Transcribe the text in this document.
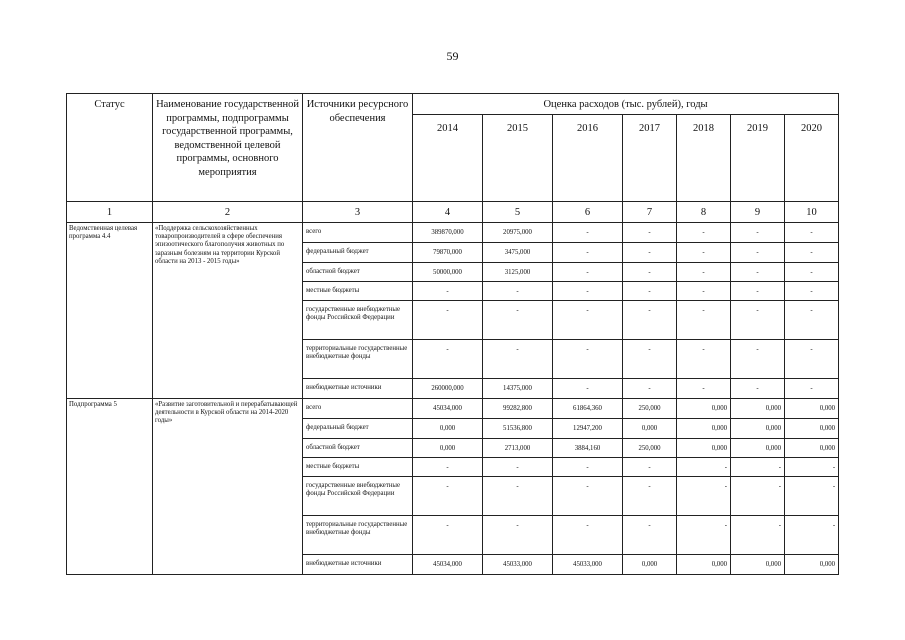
59
Статус	Наименование государственной программы, подпрограммы государственной программы, ведомственной целевой программы, основного мероприятия	Источники ресурсного обеспечения	Оценка расходов (тыс. рублей), годы						
			2014	2015	2016	2017	2018	2019	2020
1	2	3	4	5	6	7	8	9	10
Ведомственная целевая программа 4.4	«Поддержка сельскохозяйственных товаропроизводителей в сфере обеспечения эпизоотического благополучия животных по заразным болезням на территории Курской области на 2013 - 2015 годы»	всего	389870,000	20975,000	-	-	-	-	-
		федеральный бюджет	79870,000	3475,000	-	-	-	-	-
		областной бюджет	50000,000	3125,000	-	-	-	-	-
		местные бюджеты	-	-	-	-	-	-	-
		государственные внебюджетные фонды Российской Федерации	-	-	-	-	-	-	-
		территориальные государственные внебюджетные фонды	-	-	-	-	-	-	-
		внебюджетные источники	260000,000	14375,000	-	-	-	-	-
Подпрограмма 5	«Развитие заготовительной и перерабатывающей деятельности в Курской области на 2014-2020 годы»	всего	45034,000	99282,800	61864,360	250,000	0,000	0,000	0,000
		федеральный бюджет	0,000	51536,800	12947,200	0,000	0,000	0,000	0,000
		областной бюджет	0,000	2713,000	3884,160	250,000	0,000	0,000	0,000
		местные бюджеты	-	-	-	-	-	-	-
		государственные внебюджетные фонды Российской Федерации	-	-	-	-	-	-	-
		территориальные государственные внебюджетные фонды	-	-	-	-	-	-	-
		внебюджетные источники	45034,000	45033,000	45033,000	0,000	0,000	0,000	0,000
